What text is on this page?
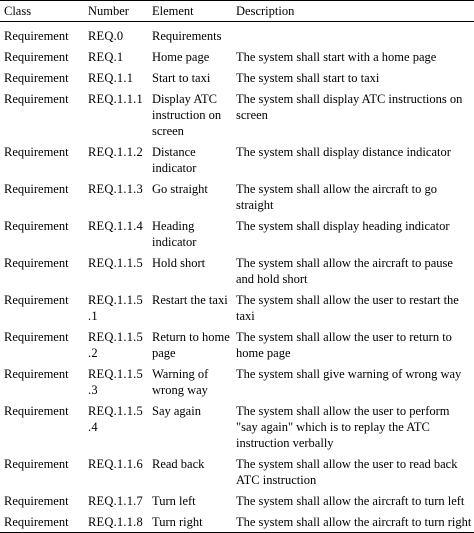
Class	Number	Element	Description
Requirement	REQ.0	Requirements	
Requirement	REQ.1	Home page	The system shall start with a home page
Requirement	REQ.1.1	Start to taxi	The system shall start to taxi
Requirement	REQ.1.1.1	Display ATC instruction on screen	The system shall display ATC instructions on screen
Requirement	REQ.1.1.2	Distance indicator	The system shall display distance indicator
Requirement	REQ.1.1.3	Go straight	The system shall allow the aircraft to go straight
Requirement	REQ.1.1.4	Heading indicator	The system shall display heading indicator
Requirement	REQ.1.1.5	Hold short	The system shall allow the aircraft to pause and hold short
Requirement	REQ.1.1.5 .1	Restart the taxi	The system shall allow the user to restart the taxi
Requirement	REQ.1.1.5 .2	Return to home page	The system shall allow the user to return to home page
Requirement	REQ.1.1.5 .3	Warning of wrong way	The system shall give warning of wrong way
Requirement	REQ.1.1.5 .4	Say again	The system shall allow the user to perform "say again" which is to replay the ATC instruction verbally
Requirement	REQ.1.1.6	Read back	The system shall allow the user to read back ATC instruction
Requirement	REQ.1.1.7	Turn left	The system shall allow the aircraft to turn left
Requirement	REQ.1.1.8	Turn right	The system shall allow the aircraft to turn right
